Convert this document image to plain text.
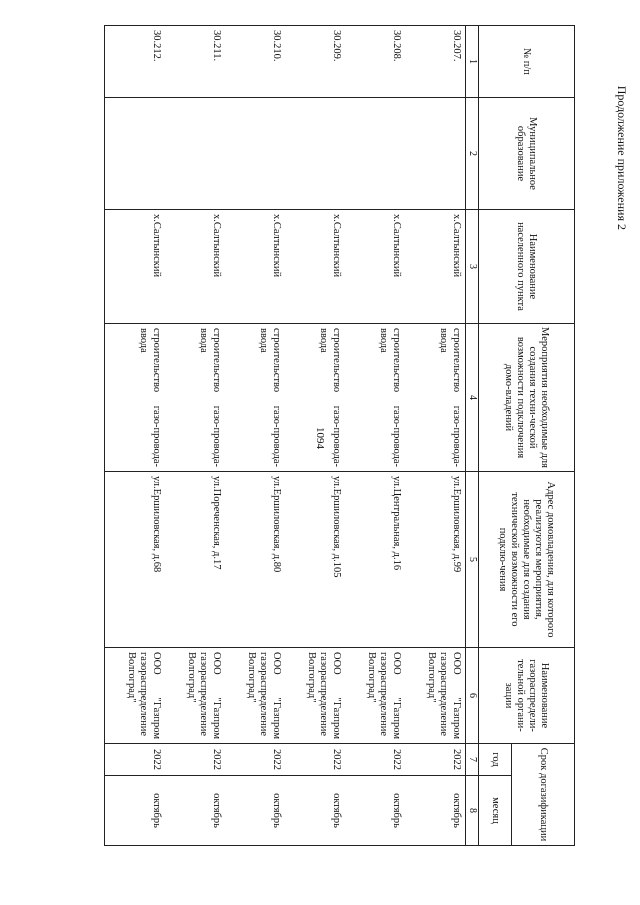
1094
Продолжение приложения 2
№ п/п	Муниципальное образование	Наименование населенного пункта	Мероприятия необходимые для создания техни-ческой возможности подключения домо-владений	Адрес домовладения, для которого реализуются мероприятия, необходимые для создания технической возможности его подклю-чения	Наименование газораспредели-тельной органи-зации	Срок догазификации	
						год	месяц
1	2	3	4	5	6	7	8
30.207.		х.Салтынский	строительство газо-провода-ввода	ул.Ершиловская, д.99	ООО "Газпром газораспределение Волгоград"	2022	октябрь
30.208.		х.Салтынский	строительство газо-провода-ввода	ул.Центральная, д.16	ООО "Газпром газораспределение Волгоград"	2022	октябрь
30.209.		х.Салтынский	строительство газо-провода-ввода	ул.Ершиловская, д.105	ООО "Газпром газораспределение Волгоград"	2022	октябрь
30.210.		х.Салтынский	строительство газо-провода-ввода	ул.Ершиловская, д.80	ООО "Газпром газораспределение Волгоград"	2022	октябрь
30.211.		х.Салтынский	строительство газо-провода-ввода	ул.Пореченская, д.17	ООО "Газпром газораспределение Волгоград"	2022	октябрь
30.212.		х.Салтынский	строительство газо-провода-ввода	ул.Ершиловская, д.68	ООО "Газпром газораспределение Волгоград"	2022	октябрь
